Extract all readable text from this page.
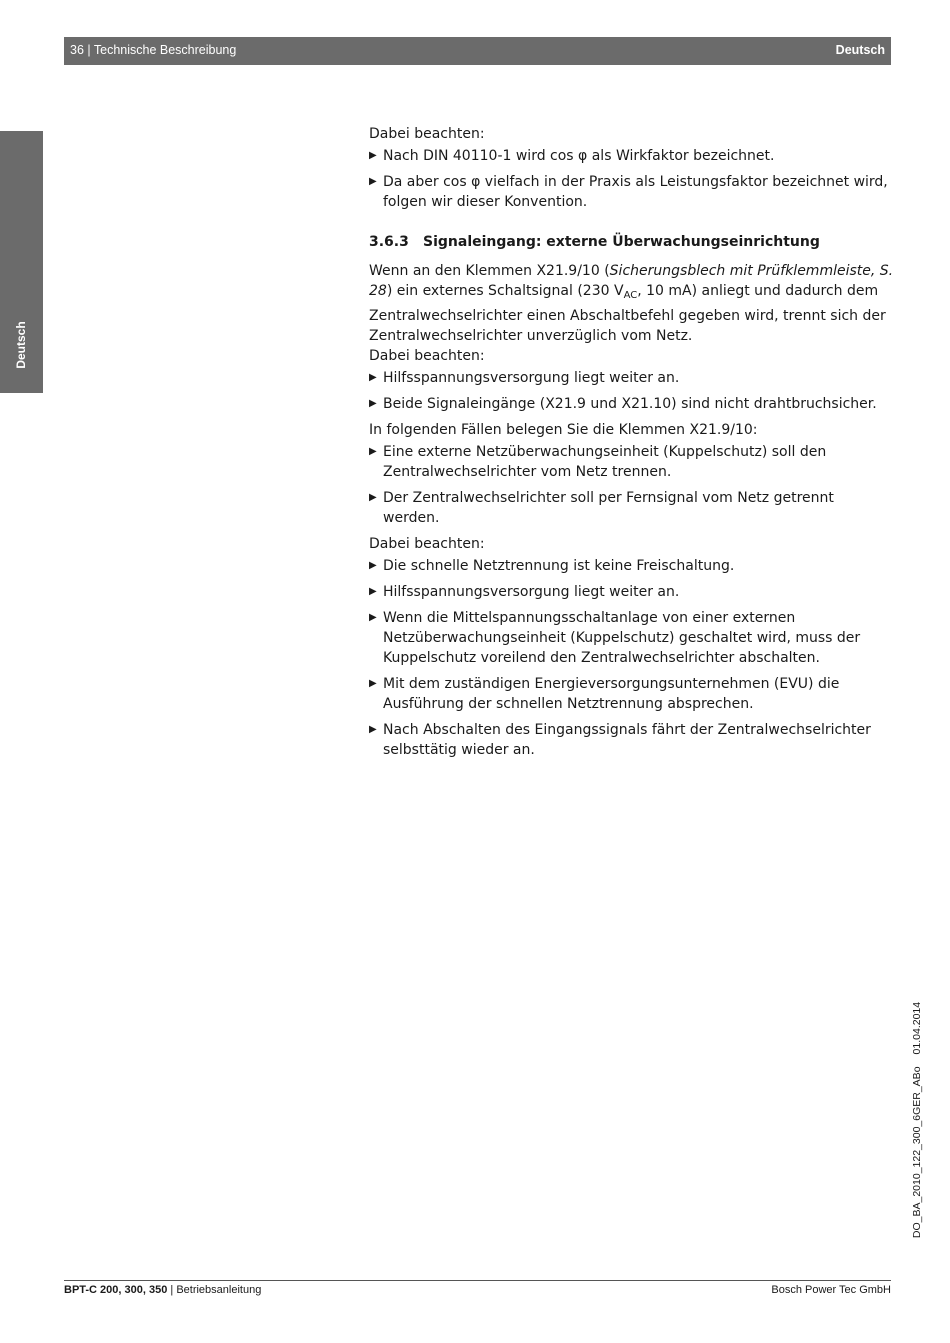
36 | Technische Beschreibung	Deutsch
Deutsch

Dabei beachten:

▶ Nach DIN 40110-1 wird cos φ als Wirkfaktor bezeichnet.
▶ Da aber cos φ vielfach in der Praxis als Leistungsfaktor bezeichnet wird, folgen wir dieser Konvention.
3.6.3	Signaleingang: externe Überwachungseinrichtung

Wenn an den Klemmen X21.9/10 (Sicherungsblech mit Prüfklemmleiste, S. 28) ein externes Schaltsignal (230 $V_{AC}$, 10 mA) anliegt und dadurch dem Zentralwechselrichter einen Abschaltbefehl gegeben wird, trennt sich der Zentralwechselrichter unverzüglich vom Netz.

Dabei beachten:

▶ Hilfsspannungsversorgung liegt weiter an.
▶ Beide Signaleingänge (X21.9 und X21.10) sind nicht drahtbruchsicher.

In folgenden Fällen belegen Sie die Klemmen X21.9/10:

▶ Eine externe Netzüberwachungseinheit (Kuppelschutz) soll den Zentralwechselrichter vom Netz trennen.
▶ Der Zentralwechselrichter soll per Fernsignal vom Netz getrennt werden.

Dabei beachten:

▶ Die schnelle Netztrennung ist keine Freischaltung.
▶ Hilfsspannungsversorgung liegt weiter an.
▶ Wenn die Mittelspannungsschaltanlage von einer externen Netzüberwachungseinheit (Kuppelschutz) geschaltet wird, muss der Kuppelschutz voreilend den Zentralwechselrichter abschalten.
▶ Mit dem zuständigen Energieversorgungsunternehmen (EVU) die Ausführung der schnellen Netztrennung absprechen.
▶ Nach Abschalten des Eingangssignals fährt der Zentralwechselrichter selbsttätig wieder an.
DO_BA_2010_122_300_6GER_ABo01.04.2014
BPT-C 200, 300, 350 | Betriebsanleitung	Bosch Power Tec GmbH
